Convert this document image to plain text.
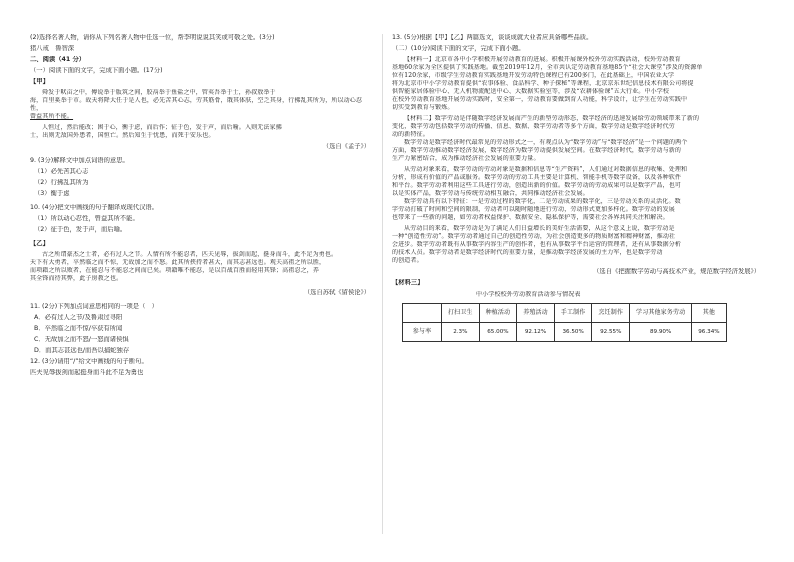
(2)选择名著人物，请你从下列名著人物中任选一位，帮李明说说其笑或可敬之处。(3分)
猪八戒　鲁智深
二、阅读（41 分）
（一）阅读下面的文字，完成下面小题。(17分)
【甲】
舜发于畎亩之中，傅说举于版筑之间，胶鬲举于鱼盐之中，管夷吾举于士，孙叔敖举于
海，百里奚举于市。故天将降大任于是人也，必先苦其心志，劳其筋骨，饿其体肤，空乏其身，行拂乱其所为，所以动心忍性，
曾益其所不能。
人恒过，然后能改；困于心，衡于虑，而后作；征于色，发于声，而后喻。入则无法家拂
士，出则无敌国外患者，国恒亡。然后知生于忧患，而死于安乐也。
（选自《孟子》）
9. (3分)解释文中加点词语的意思。
（1）必先苦其心志
（2）行拂乱其所为
（3）衡于虑
10. (4分)把文中画线的句子翻译成现代汉语。
（1）所以动心忍性，曾益其所不能。
（2）征于色，发于声，而后喻。
【乙】
古之所谓豪杰之士者，必有过人之节。人情有所不能忍者，匹夫见辱，拔剑而起，挺身而斗，此不足为勇也。
天下有大勇者，卒然临之而不惊，无故加之而不怒。此其所挟持者甚大，而其志甚远也。观夫高祖之所以胜，
而项籍之所以败者，在能忍与不能忍之间而已矣。项籍唯不能忍，是以百战百胜而轻用其锋；高祖忍之，养
其全锋而待其弊，此子房教之也。
（选自苏轼《留侯论》）
11. (2分)下列加点词意思相同的一项是（　）
A．必有过人之节/及鲁肃过寻阳
B．卒然临之而不惊/卒获有所闻
C．无故加之而不怒/一怒而诸侯惧
D．而其志甚远也/而吾以捕蛇独存
12. (3分)请用“/”给文中画线的句子断句。
匹夫见辱拔剑而起挺身而斗此不足为勇也
13. (5分)根据【甲】【乙】两篇选文，谈谈成就大业者应具备哪些品质。
（二）(10分)阅读下面的文字，完成下面小题。
【材料一】北京市各中小学积极开展劳动教育的进展。积极开展课外校外劳动实践活动，校外劳动教育
基地60余家为全区提供了实践基地。截至2019年12月，全市共认定劳动教育基地85个“社会大课堂”涉及的资源单
位有120余家，市级学生劳动教育实践基地开发劳动特色课程已有200多门，在此基础上，中国农业大学
将为北京市中小学劳动教育提供“农事体验、食品科学、种子探秘”等课程，北京京东世纪信息技术有限公司将提
供智能家居体验中心、无人机物流配送中心、大数据实验室等，涉及“农耕体验课”五大行业。中小学校
在校外劳动教育基地开展劳动实践时，安全第一，劳动教育要做到育人功能，科学设计，让学生在劳动实践中
切实受到教育与锻炼。
【材料二】数字劳动是伴随数字经济发展而产生的新型劳动形态，数字经济的迅速发展给劳动领域带来了新的
变化，数字劳动包括数字劳动的传播、信息、数据、数字劳动者等多个方面，数字劳动是数字经济时代劳
动的新特征。
数字劳动是数字经济时代最常见的劳动形式之一，有观点认为“数字劳动”与“数字经济”是一个问题的两个
方面，数字劳动推动数字经济发展，数字经济为数字劳动提供发展空间。在数字经济时代，数字劳动与新的
生产力紧密结合，成为推动经济社会发展的重要力量。
从劳动对象来看，数字劳动的劳动对象是数据和信息等“生产资料”，人们通过对数据信息的收集、处理和
分析，形成有价值的产品或服务。数字劳动的劳动工具主要是计算机、智能手机等数字设备，以及各种软件
和平台。数字劳动者利用这些工具进行劳动，创造出新的价值。数字劳动的劳动成果可以是数字产品，也可
以是实体产品，数字劳动与传统劳动相互融合，共同推动经济社会发展。
数字劳动具有以下特征：一是劳动过程的数字化，二是劳动成果的数字化，三是劳动关系的灵活化。数
字劳动打破了时间和空间的限制，劳动者可以随时随地进行劳动，劳动形式更加多样化。数字劳动的发展
也带来了一些新的问题，如劳动者权益保护、数据安全、隐私保护等，需要社会各界共同关注和解决。
从劳动目的来看，数字劳动是为了满足人们日益增长的美好生活需要，从这个意义上说，数字劳动是
一种“创造性劳动”。数字劳动者通过自己的创造性劳动，为社会创造更多的物质财富和精神财富，推动社
会进步。数字劳动者既有从事数字内容生产的创作者，也有从事数字平台运营的管理者，还有从事数据分析
的技术人员。数字劳动者是数字经济时代的重要力量，是推动数字经济发展的主力军，也是数字劳动
的创造者。
（选自《把握数字劳动与高技术产业，规范数字经济发展》）
【材料三】
中小学校校外劳动教育活动参与情况表
	打扫卫生	种植活动	养殖活动	手工制作	烹饪制作	学习其他家务劳动	其他
参与率	2.3%	65.00%	92.12%	36.50%	92.55%	89.90%	96.34%
